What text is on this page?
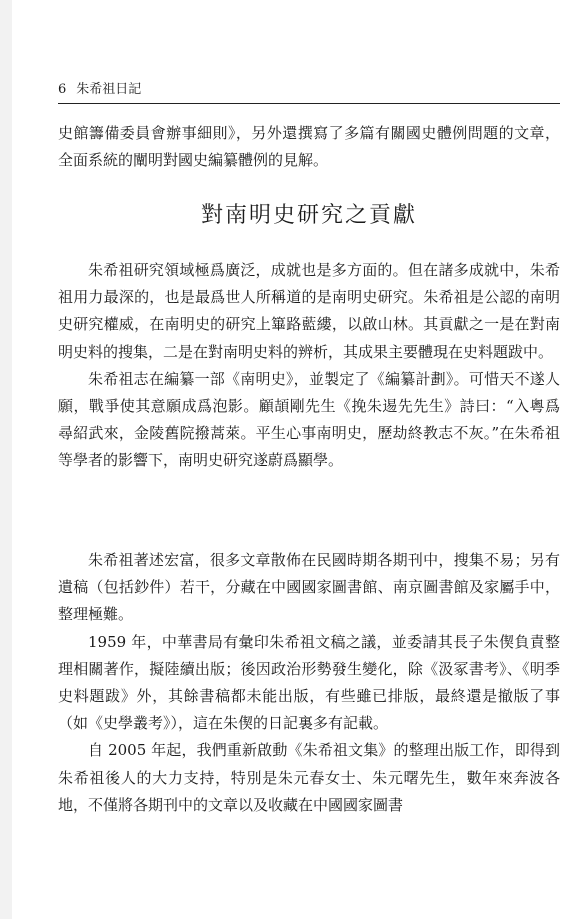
6 朱希祖日記

史館籌備委員會辦事細則》，另外還撰寫了多篇有關國史體例問題的文章，全面系統的闡明對國史編纂體例的見解。

對南明史研究之貢獻

朱希祖研究領域極爲廣泛，成就也是多方面的。但在諸多成就中，朱希祖用力最深的，也是最爲世人所稱道的是南明史研究。朱希祖是公認的南明史研究權威，在南明史的研究上篳路藍縷，以啟山林。其貢獻之一是在對南明史料的搜集，二是在對南明史料的辨析，其成果主要體現在史料題跋中。

朱希祖志在編纂一部《南明史》，並製定了《編纂計劃》。可惜天不遂人願，戰爭使其意願成爲泡影。顧頡剛先生《挽朱逷先先生》詩曰：“入粵爲尋紹武來，金陵舊院撥蒿萊。平生心事南明史，歷劫終教志不灰。”在朱希祖等學者的影響下，南明史研究遂蔚爲顯學。

朱希祖著述宏富，很多文章散佈在民國時期各期刊中，搜集不易；另有遺稿（包括鈔件）若干，分藏在中國國家圖書館、南京圖書館及家屬手中，整理極難。

1959 年，中華書局有彙印朱希祖文稿之議，並委請其長子朱偰負責整理相關著作，擬陸續出版；後因政治形勢發生變化，除《汲冢書考》、《明季史料題跋》外，其餘書稿都未能出版，有些雖已排版，最終還是撤版了事（如《史學叢考》），這在朱偰的日記裏多有記載。

自 2005 年起，我們重新啟動《朱希祖文集》的整理出版工作，即得到朱希祖後人的大力支持，特別是朱元春女士、朱元曙先生，數年來奔波各地，不僅將各期刊中的文章以及收藏在中國國家圖書
